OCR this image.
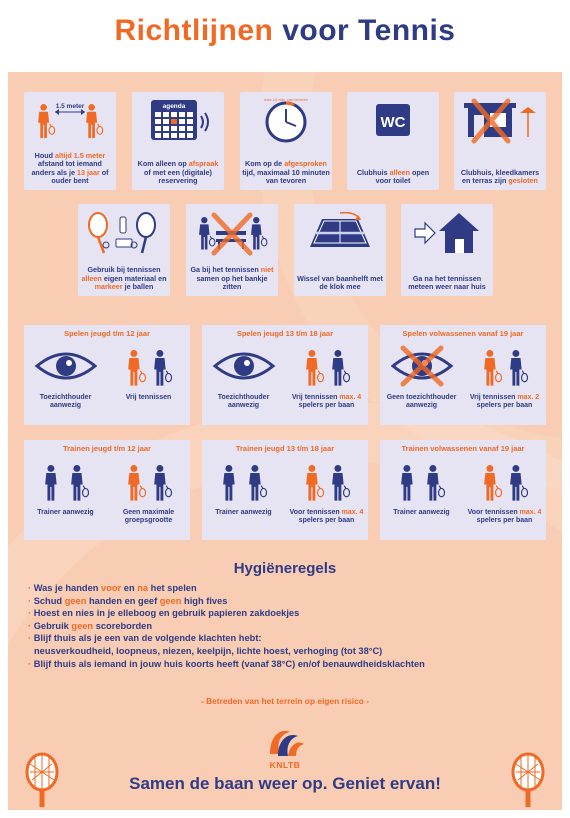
Richtlijnen voor Tennis
Hygiëneregels
· Was je handen voor en na het spelen
· Schud geen handen en geef geen high fives
· Hoest en nies in je elleboog en gebruik papieren zakdoekjes
· Gebruik geen scoreborden
· Blijf thuis als je een van de volgende klachten hebt:
neusverkoudheid, loopneus, niezen, keelpijn, lichte hoest, verhoging (tot 38°C)
· Blijf thuis als iemand in jouw huis koorts heeft (vanaf 38°C) en/of benauwdheidsklachten
- Betreden van het terrein op eigen risico -
KNLTB
Samen de baan weer op. Geniet ervan!
1.5 meter
Houd altijd 1.5 meter afstand tot iemand anders als je 13 jaar of ouder bent
agenda
Kom alleen op afspraak of met een (digitale) reservering
max 10 min. van tevoren
Kom op de afgesproken tijd, maximaal 10 minuten van tevoren
WC
Clubhuis alleen open voor toilet
Clubhuis, kleedkamers en terras zijn gesloten
Gebruik bij tennissen alleen eigen materiaal en markeer je ballen
Ga bij het tennissen niet samen op het bankje zitten
Wissel van baanhelft met de klok mee
Ga na het tennissen meteen weer naar huis
Spelen jeugd t/m 12 jaar
Toezichthouder aanwezig
Vrij tennissen
Spelen jeugd 13 t/m 18 jaar
Toezichthouder aanwezig
Vrij tennissen max. 4 spelers per baan
Spelen volwassenen vanaf 19 jaar
Geen toezichthouder aanwezig
Vrij tennissen max. 2 spelers per baan
Trainen jeugd t/m 12 jaar
Trainer aanwezig	Geen maximale groepsgrootte
Trainen jeugd 13 t/m 18 jaar
Trainer aanwezig	Voor tennissen max. 4 spelers per baan
Trainen volwassenen vanaf 19 jaar
Trainer aanwezig	Voor tennissen max. 4 spelers per baan
